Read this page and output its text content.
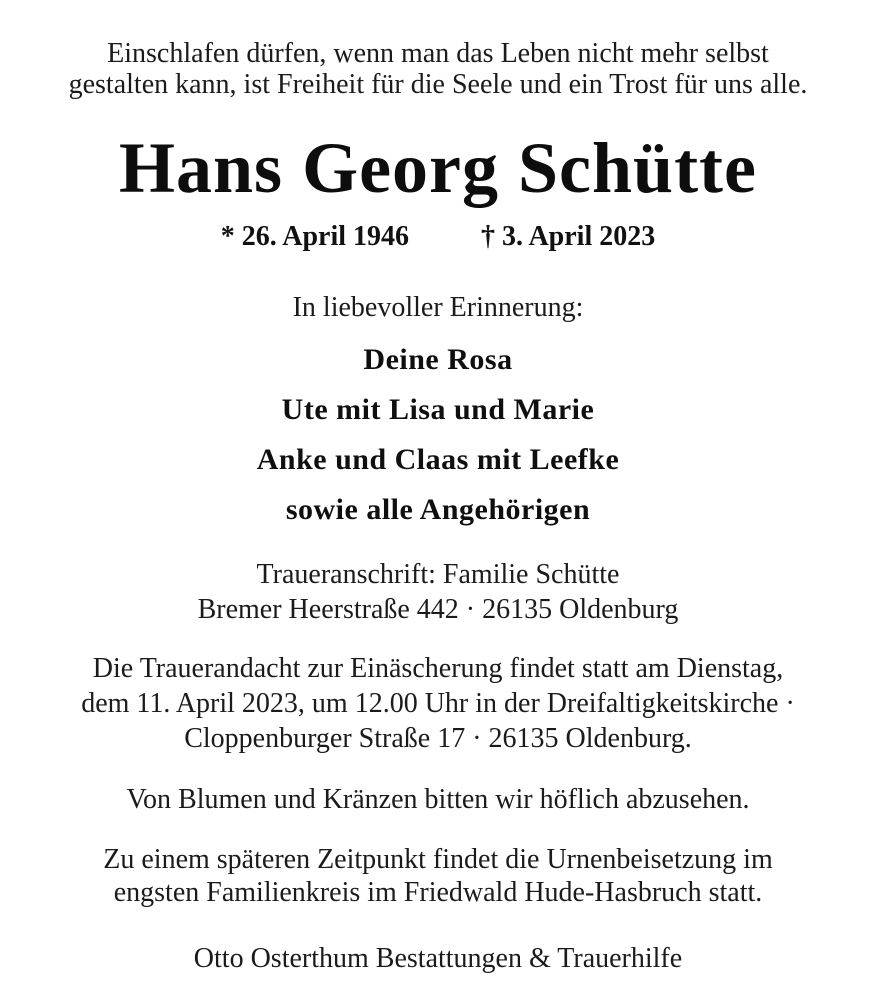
Einschlafen dürfen, wenn man das Leben nicht mehr selbst
gestalten kann, ist Freiheit für die Seele und ein Trost für uns alle.
Hans Georg Schütte
* 26. April 1946	† 3. April 2023
In liebevoller Erinnerung:
Deine Rosa
Ute mit Lisa und Marie
Anke und Claas mit Leefke
sowie alle Angehörigen
Traueranschrift: Familie Schütte
Bremer Heerstraße 442 · 26135 Oldenburg
Die Trauerandacht zur Einäscherung findet statt am Dienstag,
dem 11. April 2023, um 12.00 Uhr in der Dreifaltigkeitskirche ·
Cloppenburger Straße 17 · 26135 Oldenburg.
Von Blumen und Kränzen bitten wir höflich abzusehen.
Zu einem späteren Zeitpunkt findet die Urnenbeisetzung im
engsten Familienkreis im Friedwald Hude-Hasbruch statt.
Otto Osterthum Bestattungen & Trauerhilfe
